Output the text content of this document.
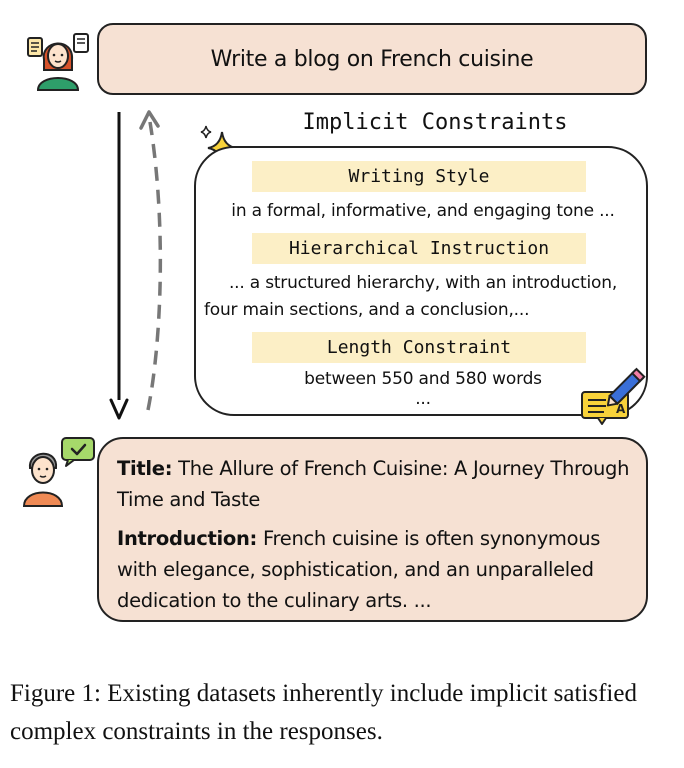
Write a blog on French cuisine
Implicit Constraints
Writing Style
in a formal, informative, and engaging tone ...
Hierarchical Instruction
... a structured hierarchy, with an introduction,
four main sections, and a conclusion,...
Length Constraint
between 550 and 580 words
...	A

Title: The Allure of French Cuisine: A Journey Through Time and Taste

Introduction: French cuisine is often synonymous with elegance, sophistication, and an unparalleled dedication to the culinary arts. ...

Figure 1: Existing datasets inherently include implicit satisfied complex constraints in the responses.
